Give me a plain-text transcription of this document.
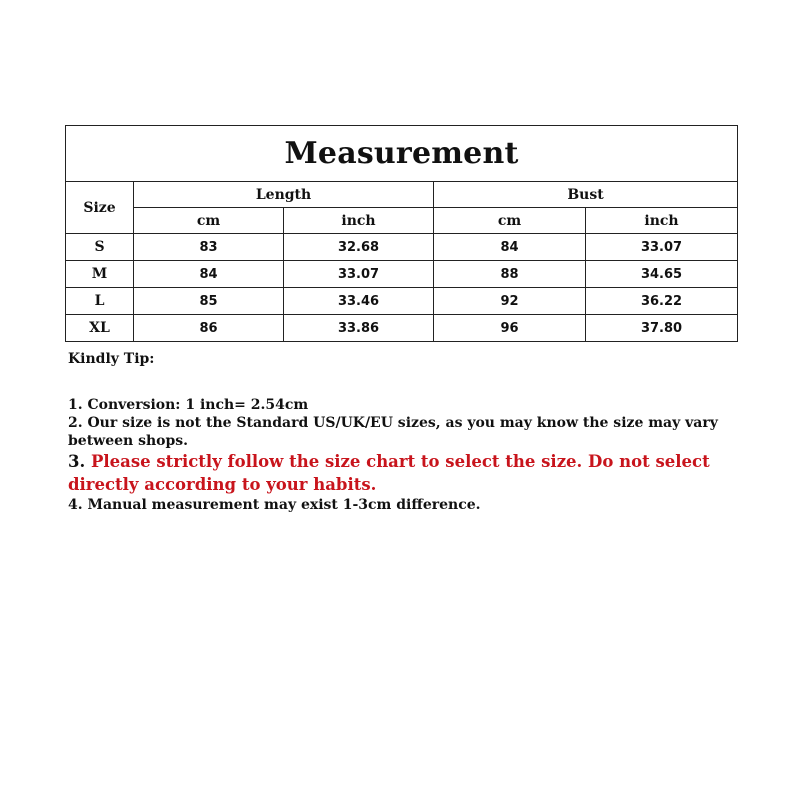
Measurement				
Size	Length		Bust	
	cm	inch	cm	inch
S	83	32.68	84	33.07
M	84	33.07	88	34.65
L	85	33.46	92	36.22
XL	86	33.86	96	37.80

Kindly Tip:

1. Conversion: 1 inch= 2.54cm

2. Our size is not the Standard US/UK/EU sizes, as you may know the size may vary between shops.

3. Please strictly follow the size chart to select the size. Do not select directly according to your habits.

4. Manual measurement may exist 1-3cm difference.
